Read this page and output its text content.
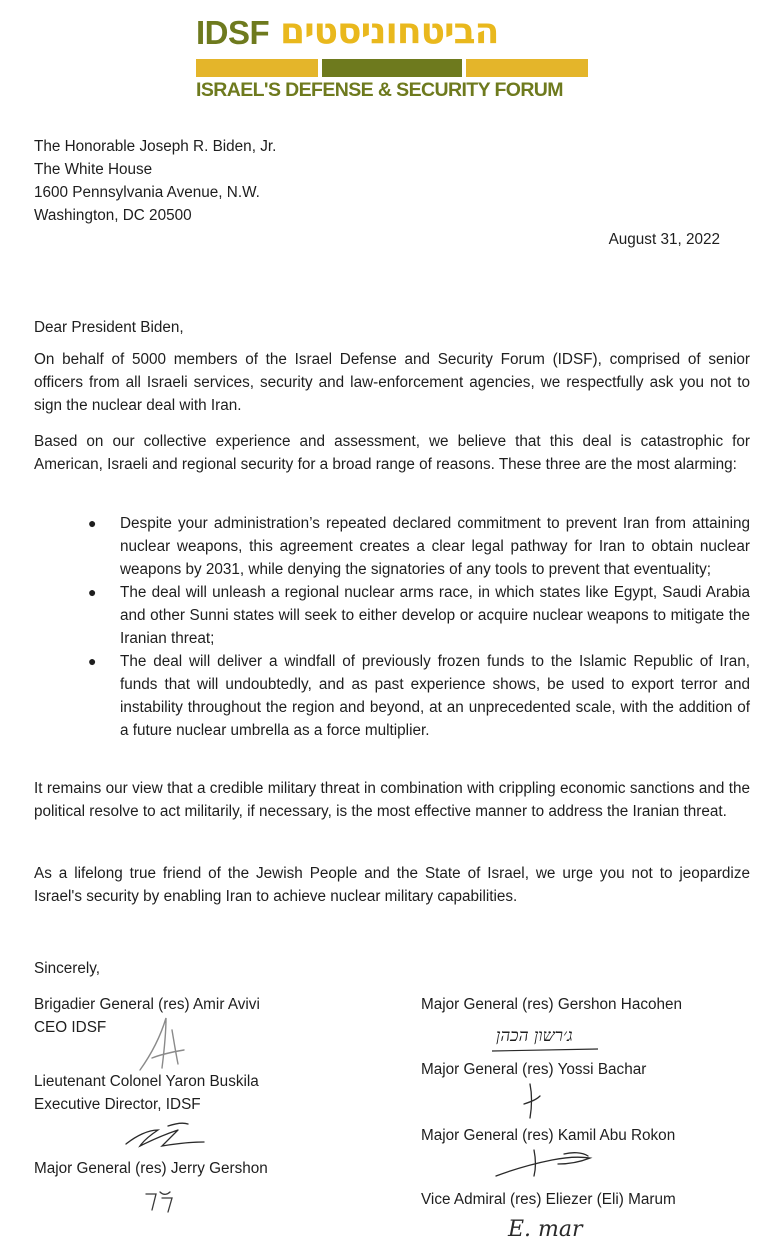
IDSF הביטחוניסטים
ISRAEL'S DEFENSE & SECURITY FORUM
The Honorable Joseph R. Biden, Jr.
The White House
1600 Pennsylvania Avenue, N.W.
Washington, DC 20500
August 31, 2022
Dear President Biden,
On behalf of 5000 members of the Israel Defense and Security Forum (IDSF), comprised of senior officers from all Israeli services, security and law-enforcement agencies, we respectfully ask you not to sign the nuclear deal with Iran.
Based on our collective experience and assessment, we believe that this deal is catastrophic for American, Israeli and regional security for a broad range of reasons. These three are the most alarming:
● Despite your administration’s repeated declared commitment to prevent Iran from attaining nuclear weapons, this agreement creates a clear legal pathway for Iran to obtain nuclear weapons by 2031, while denying the signatories of any tools to prevent that eventuality;
● The deal will unleash a regional nuclear arms race, in which states like Egypt, Saudi Arabia and other Sunni states will seek to either develop or acquire nuclear weapons to mitigate the Iranian threat;
● The deal will deliver a windfall of previously frozen funds to the Islamic Republic of Iran, funds that will undoubtedly, and as past experience shows, be used to export terror and instability throughout the region and beyond, at an unprecedented scale, with the addition of a future nuclear umbrella as a force multiplier.
It remains our view that a credible military threat in combination with crippling economic sanctions and the political resolve to act militarily, if necessary, is the most effective manner to address the Iranian threat.
As a lifelong true friend of the Jewish People and the State of Israel, we urge you not to jeopardize Israel's security by enabling Iran to achieve nuclear military capabilities.
Sincerely,
Brigadier General (res) Amir Avivi
CEO IDSF
Lieutenant Colonel Yaron Buskila
Executive Director, IDSF
Major General (res) Jerry Gershon
Major General (res) Gershon Hacohen
ג׳רשון הכהן
Major General (res) Yossi Bachar
Major General (res) Kamil Abu Rokon
Vice Admiral (res) Eliezer (Eli) Marum
E. mar
